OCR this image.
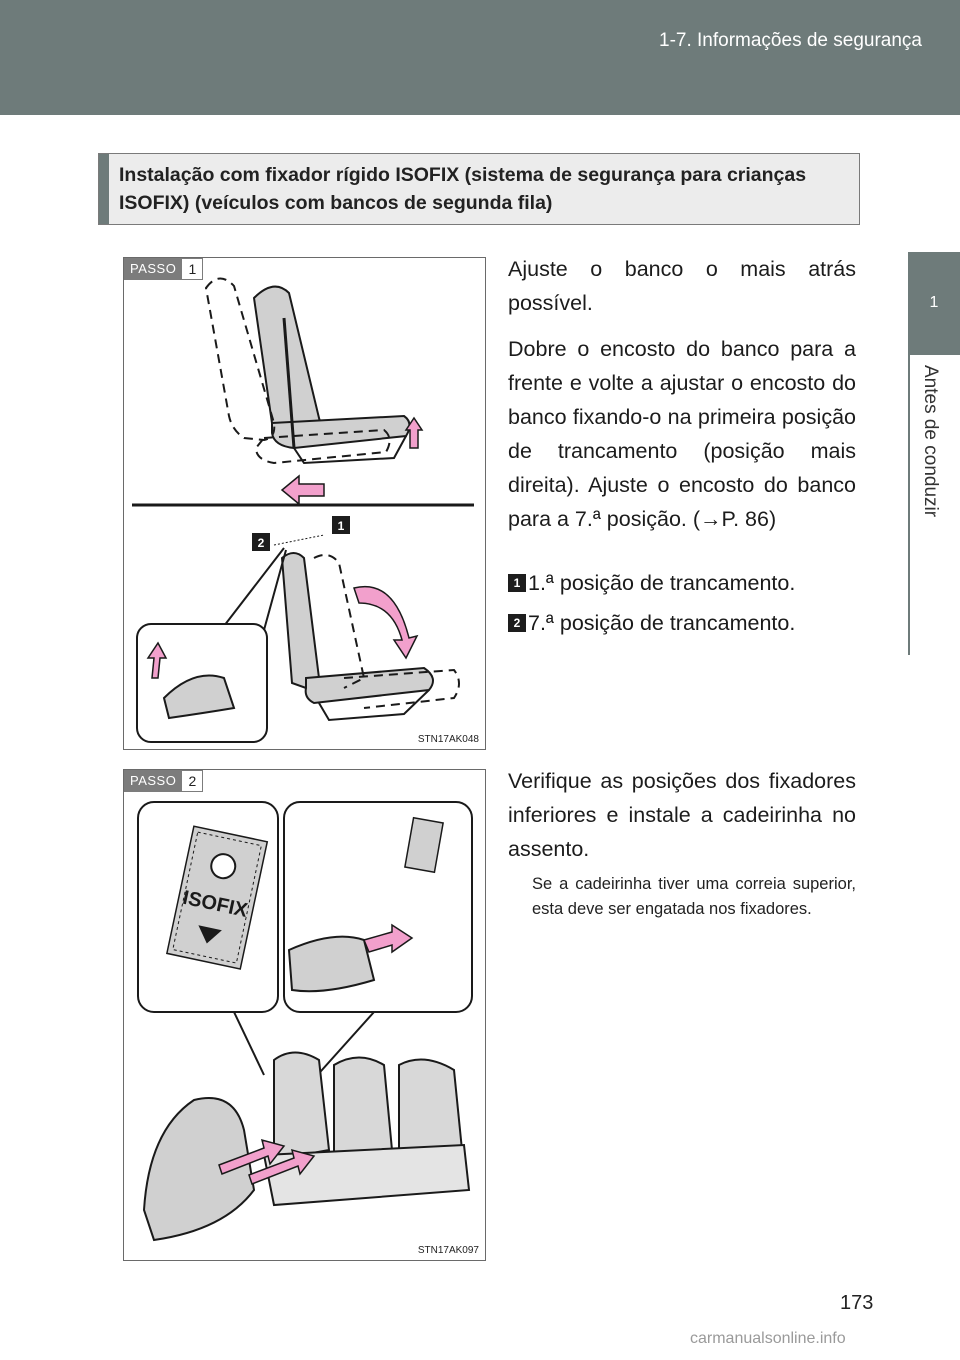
1-7. Informações de segurança
1
Antes de conduzir

Instalação com fixador rígido ISOFIX (sistema de segurança para crianças ISOFIX) (veículos com bancos de segunda fila)

PASSO 1
2
1
STN17AK048

Ajuste o banco o mais atrás possível.

Dobre o encosto do banco para a frente e volte a ajustar o encosto do banco fixando-o na primeira posição de trancamento (posição mais direita). Ajuste o encosto do banco para a 7.ª posição. (→P. 86)

1 1.ª posição de trancamento.
2 7.ª posição de trancamento.
PASSO 2
ISOFIX
STN17AK097

Verifique as posições dos fixadores inferiores e instale a cadeirinha no assento.

Se a cadeirinha tiver uma correia superior, esta deve ser engatada nos fixadores.
173
carmanualsonline.info
